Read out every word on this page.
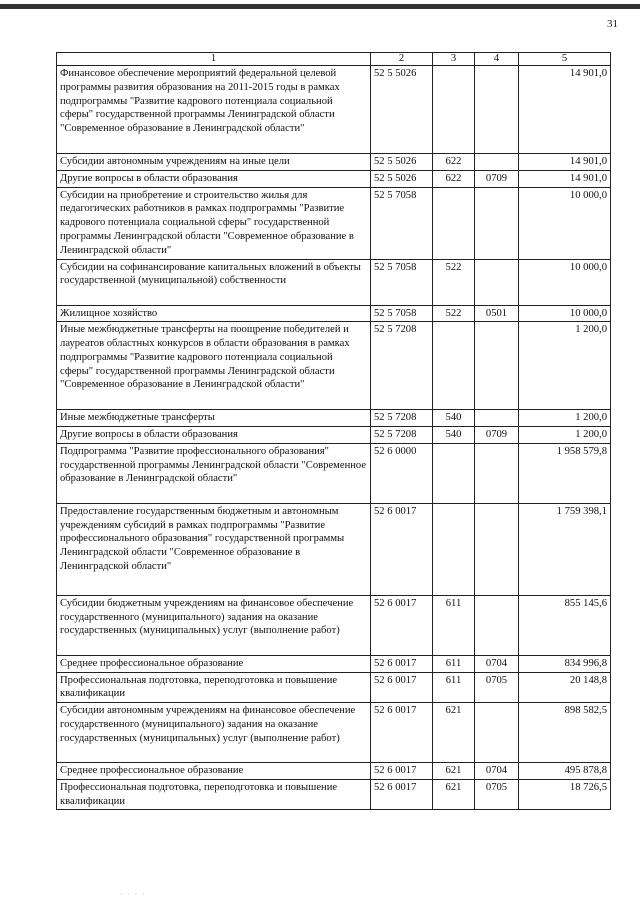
31
1	2	3	4	5
Финансовое обеспечение мероприятий федеральной целевой программы развития образования на 2011-2015 годы в рамках подпрограммы "Развитие кадрового потенциала социальной сферы" государственной программы Ленинградской области "Современное образование в Ленинградской области"	52 5 5026			14 901,0
Субсидии автономным учреждениям на иные цели	52 5 5026	622		14 901,0
Другие вопросы в области образования	52 5 5026	622	0709	14 901,0
Субсидии на приобретение и строительство жилья для педагогических работников в рамках подпрограммы "Развитие кадрового потенциала социальной сферы" государственной программы Ленинградской области "Современное образование в Ленинградской области"	52 5 7058			10 000,0
Субсидии на софинансирование капитальных вложений в объекты государственной (муниципальной) собственности	52 5 7058	522		10 000,0
Жилищное хозяйство	52 5 7058	522	0501	10 000,0
Иные межбюджетные трансферты на поощрение победителей и лауреатов областных конкурсов в области образования в рамках подпрограммы "Развитие кадрового потенциала социальной сферы" государственной программы Ленинградской области "Современное образование в Ленинградской области"	52 5 7208			1 200,0
Иные межбюджетные трансферты	52 5 7208	540		1 200,0
Другие вопросы в области образования	52 5 7208	540	0709	1 200,0
Подпрограмма "Развитие профессионального образования" государственной программы Ленинградской области "Современное образование в Ленинградской области"	52 6 0000			1 958 579,8
Предоставление государственным бюджетным и автономным учреждениям субсидий в рамках подпрограммы "Развитие профессионального образования" государственной программы Ленинградской области "Современное образование в Ленинградской области"	52 6 0017			1 759 398,1
Субсидии бюджетным учреждениям на финансовое обеспечение государственного (муниципального) задания на оказание государственных (муниципальных) услуг (выполнение работ)	52 6 0017	611		855 145,6
Среднее профессиональное образование	52 6 0017	611	0704	834 996,8
Профессиональная подготовка, переподготовка и повышение квалификации	52 6 0017	611	0705	20 148,8
Субсидии автономным учреждениям на финансовое обеспечение государственного (муниципального) задания на оказание государственных (муниципальных) услуг (выполнение работ)	52 6 0017	621		898 582,5
Среднее профессиональное образование	52 6 0017	621	0704	495 878,8
Профессиональная подготовка, переподготовка и повышение квалификации	52 6 0017	621	0705	18 726,5
· · · ·
